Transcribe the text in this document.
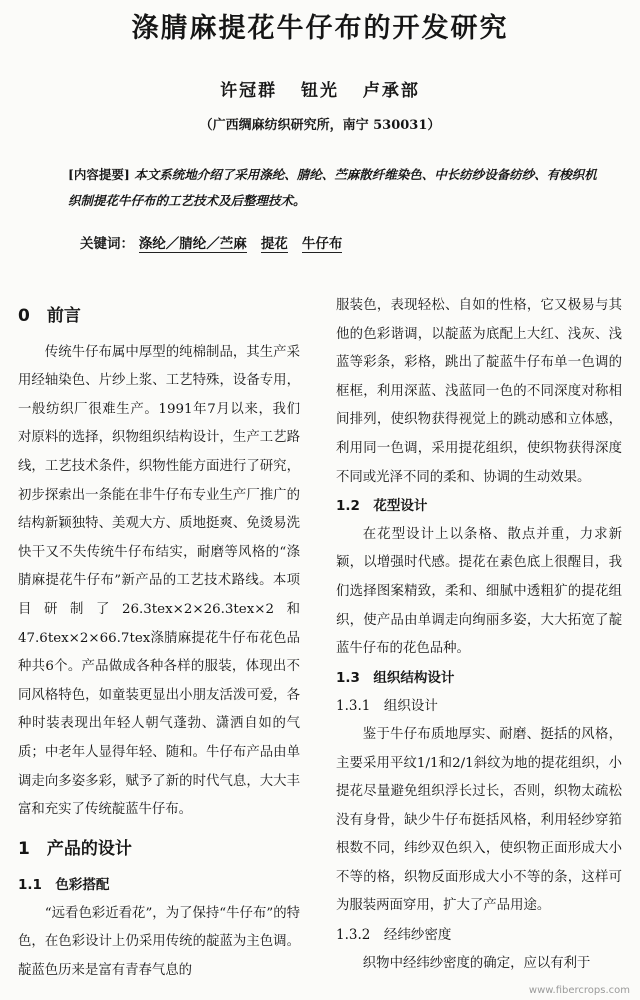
涤腈麻提花牛仔布的开发研究
许冠群 钮光 卢承部
（广西绸麻纺织研究所，南宁 530031）
[内容提要] 本文系统地介绍了采用涤纶、腈纶、苎麻散纤维染色、中长纺纱设备纺纱、有梭织机织制提花牛仔布的工艺技术及后整理技术。
关键词： 涤纶／腈纶／苎麻 提花 牛仔布
0　前言

传统牛仔布属中厚型的纯棉制品，其生产采用经轴染色、片纱上浆、工艺特殊，设备专用，一般纺织厂很难生产。1991年7月以来，我们对原料的选择，织物组织结构设计，生产工艺路线，工艺技术条件，织物性能方面进行了研究，初步探索出一条能在非牛仔布专业生产厂推广的结构新颖独特、美观大方、质地挺爽、免烫易洗快干又不失传统牛仔布结实，耐磨等风格的“涤腈麻提花牛仔布”新产品的工艺技术路线。本项目研制了26.3tex×2×26.3tex×2和47.6tex×2×66.7tex涤腈麻提花牛仔布花色品种共6个。产品做成各种各样的服装，体现出不同风格特色，如童装更显出小朋友活泼可爱，各种时装表现出年轻人朝气蓬勃、潇洒自如的气质；中老年人显得年轻、随和。牛仔布产品由单调走向多姿多彩，赋予了新的时代气息，大大丰富和充实了传统靛蓝牛仔布。

1　产品的设计
1.1　色彩搭配

“远看色彩近看花”，为了保持“牛仔布”的特色，在色彩设计上仍采用传统的靛蓝为主色调。靛蓝色历来是富有青春气息的

服装色，表现轻松、自如的性格，它又极易与其他的色彩谐调，以靛蓝为底配上大红、浅灰、浅蓝等彩条，彩格，跳出了靛蓝牛仔布单一色调的框框，利用深蓝、浅蓝同一色的不同深度对称相间排列，使织物获得视觉上的跳动感和立体感，利用同一色调，采用提花组织，使织物获得深度不同或光泽不同的柔和、协调的生动效果。

1.2　花型设计

在花型设计上以条格、散点并重，力求新颖，以增强时代感。提花在素色底上很醒目，我们选择图案精致，柔和、细腻中透粗犷的提花组织，使产品由单调走向绚丽多姿，大大拓宽了靛蓝牛仔布的花色品种。

1.3　组织结构设计
1.3.1　组织设计

鉴于牛仔布质地厚实、耐磨、挺括的风格，主要采用平纹1/1和2/1斜纹为地的提花组织，小提花尽量避免组织浮长过长，否则，织物太疏松没有身骨，缺少牛仔布挺括风格，利用轻纱穿筘根数不同，纬纱双色织入，使织物正面形成大小不等的格，织物反面形成大小不等的条，这样可为服装两面穿用，扩大了产品用途。

1.3.2　经纬纱密度

织物中经纬纱密度的确定，应以有利于

www.fibercrops.com
